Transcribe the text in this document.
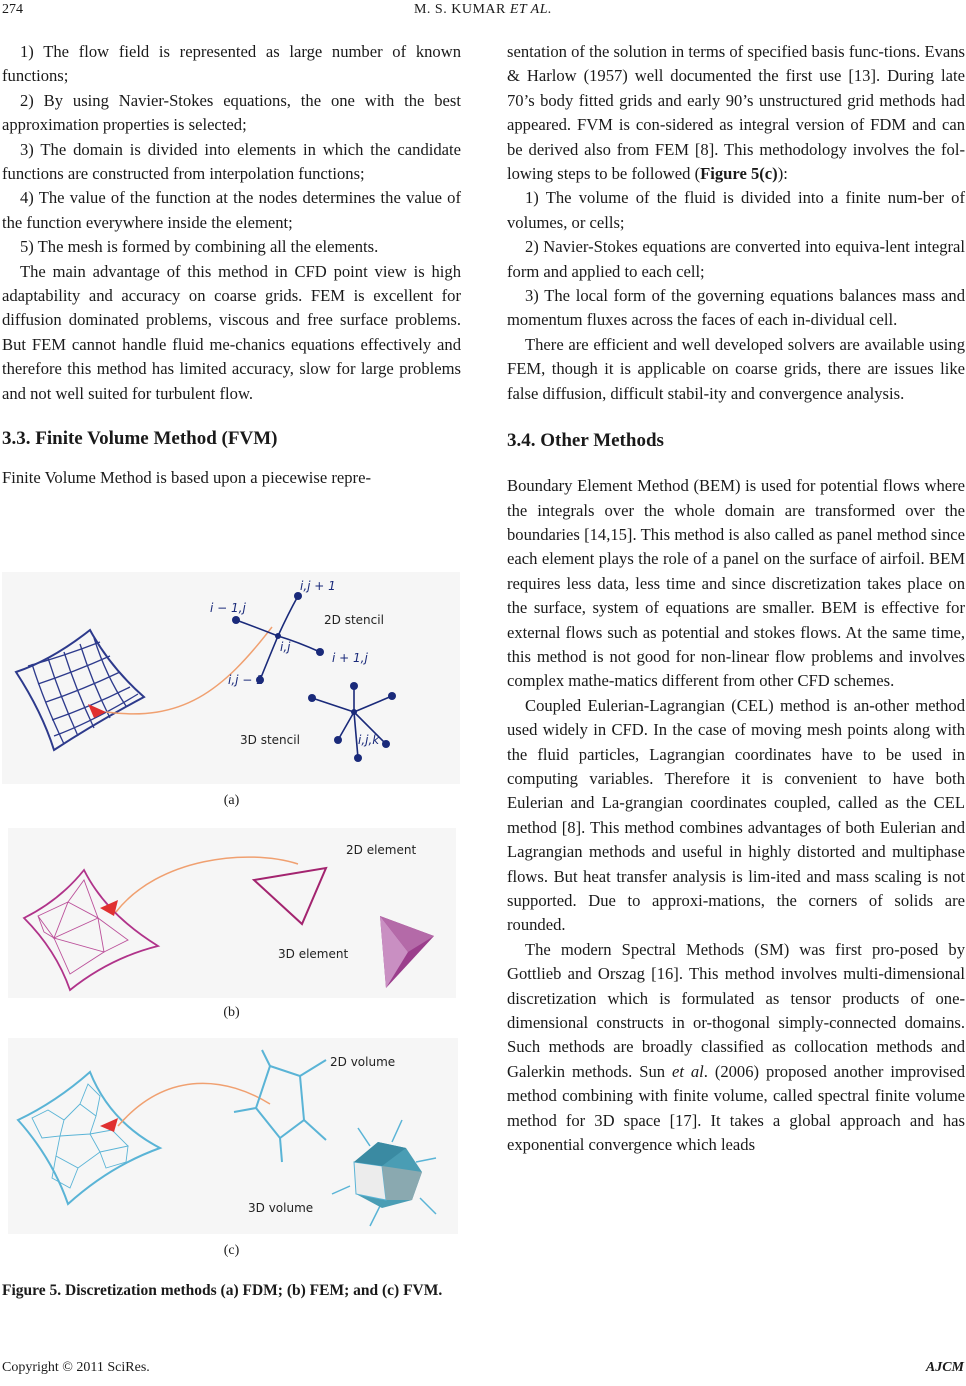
274	M. S. KUMAR ET AL.

1) The flow field is represented as large number of known functions;

2) By using Navier-Stokes equations, the one with the best approximation properties is selected;

3) The domain is divided into elements in which the candidate functions are constructed from interpolation functions;

4) The value of the function at the nodes determines the value of the function everywhere inside the element;

5) The mesh is formed by combining all the elements.

The main advantage of this method in CFD point view is high adaptability and accuracy on coarse grids. FEM is excellent for diffusion dominated problems, viscous and free surface problems. But FEM cannot handle fluid me-chanics equations effectively and therefore this method has limited accuracy, slow for large problems and not well suited for turbulent flow.

3.3. Finite Volume Method (FVM)

Finite Volume Method is based upon a piecewise repre-

i,j + 1
i − 1,j
i,j
i + 1,j
i,j − 1
i,j,k
2D stencil
3D stencil
(a)
2D element
3D element
(b)
2D volume
3D volume
(c)
Figure 5. Discretization methods (a) FDM; (b) FEM; and (c) FVM.

sentation of the solution in terms of specified basis func-tions. Evans & Harlow (1957) well documented the first use [13]. During late 70’s body fitted grids and early 90’s unstructured grid methods had appeared. FVM is con-sidered as integral version of FDM and can be derived also from FEM [8]. This methodology involves the fol-lowing steps to be followed (Figure 5(c)):

1) The volume of the fluid is divided into a finite num-ber of volumes, or cells;

2) Navier-Stokes equations are converted into equiva-lent integral form and applied to each cell;

3) The local form of the governing equations balances mass and momentum fluxes across the faces of each in-dividual cell.

There are efficient and well developed solvers are available using FEM, though it is applicable on coarse grids, there are issues like false diffusion, difficult stabil-ity and convergence analysis.

3.4. Other Methods

Boundary Element Method (BEM) is used for potential flows where the integrals over the whole domain are transformed over the boundaries [14,15]. This method is also called as panel method since each element plays the role of a panel on the surface of airfoil. BEM requires less data, less time and since discretization takes place on the surface, system of equations are smaller. BEM is effective for external flows such as potential and stokes flows. At the same time, this method is not good for non-linear flow problems and involves complex mathe-matics different from other CFD schemes.

Coupled Eulerian-Lagrangian (CEL) method is an-other method used widely in CFD. In the case of moving mesh points along with the fluid particles, Lagrangian coordinates have to be used in computing variables. Therefore it is convenient to have both Eulerian and La-grangian coordinates coupled, called as the CEL method [8]. This method combines advantages of both Eulerian and Lagrangian methods and useful in highly distorted and multiphase flows. But heat transfer analysis is lim-ited and mass scaling is not supported. Due to approxi-mations, the corners of solids are rounded.

The modern Spectral Methods (SM) was first pro-posed by Gottlieb and Orszag [16]. This method involves multi-dimensional discretization which is formulated as tensor products of one-dimensional constructs in or-thogonal simply-connected domains. Such methods are broadly classified as collocation methods and Galerkin methods. Sun et al. (2006) proposed another improvised method combining with finite volume, called spectral finite volume method for 3D space [17]. It takes a global approach and has exponential convergence which leads

Copyright © 2011 SciRes.	AJCM
